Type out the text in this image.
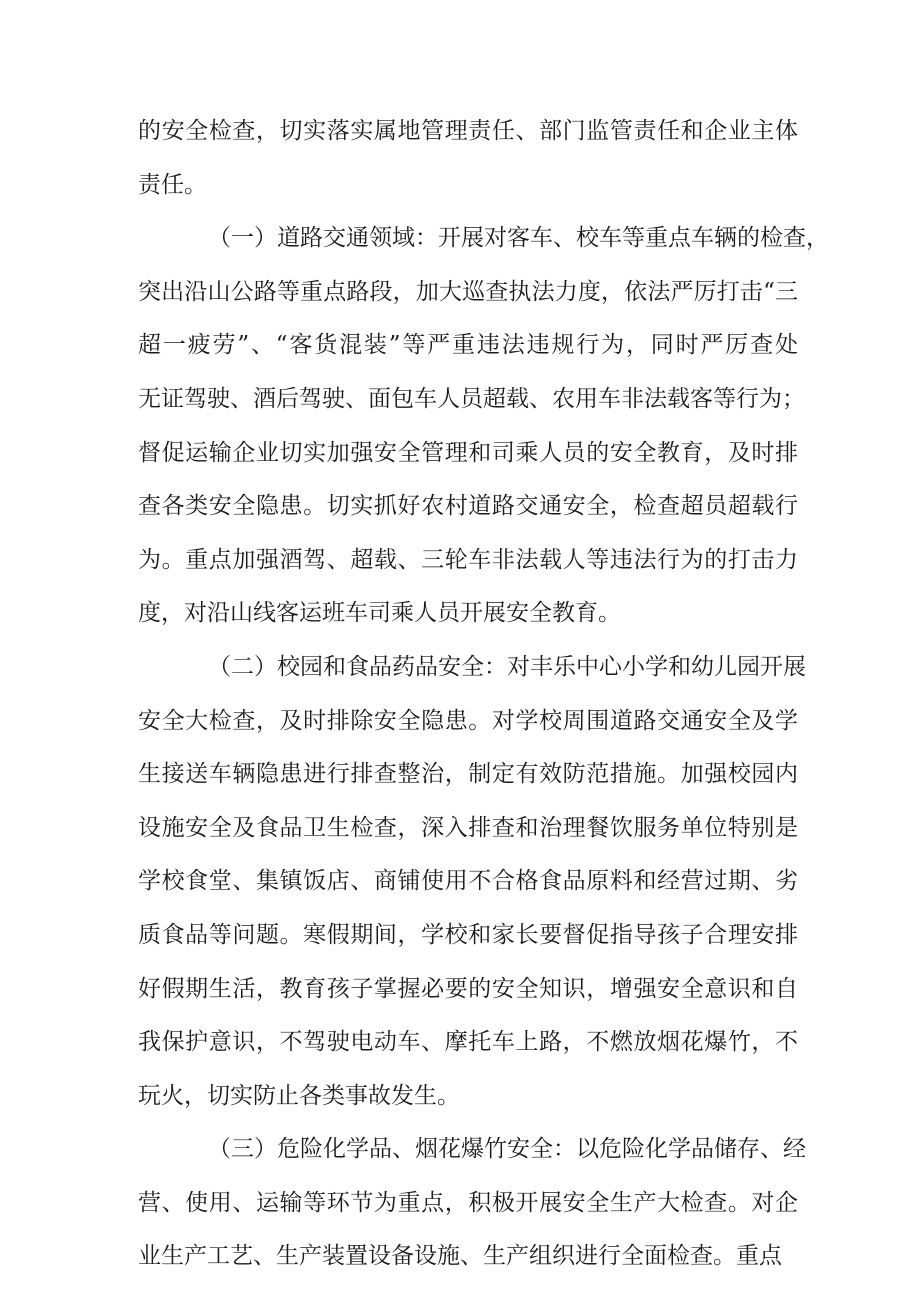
的安全检查，切实落实属地管理责任、部门监管责任和企业主体
责任。
（一）道路交通领域：开展对客车、校车等重点车辆的检查，
突出沿山公路等重点路段，加大巡查执法力度，依法严厉打击“三
超一疲劳”、“客货混装”等严重违法违规行为，同时严厉查处
无证驾驶、酒后驾驶、面包车人员超载、农用车非法载客等行为；
督促运输企业切实加强安全管理和司乘人员的安全教育，及时排
查各类安全隐患。切实抓好农村道路交通安全，检查超员超载行
为。重点加强酒驾、超载、三轮车非法载人等违法行为的打击力
度，对沿山线客运班车司乘人员开展安全教育。
（二）校园和食品药品安全：对丰乐中心小学和幼儿园开展
安全大检查，及时排除安全隐患。对学校周围道路交通安全及学
生接送车辆隐患进行排查整治，制定有效防范措施。加强校园内
设施安全及食品卫生检查，深入排查和治理餐饮服务单位特别是
学校食堂、集镇饭店、商铺使用不合格食品原料和经营过期、劣
质食品等问题。寒假期间，学校和家长要督促指导孩子合理安排
好假期生活，教育孩子掌握必要的安全知识，增强安全意识和自
我保护意识，不驾驶电动车、摩托车上路，不燃放烟花爆竹，不
玩火，切实防止各类事故发生。
（三）危险化学品、烟花爆竹安全：以危险化学品储存、经
营、使用、运输等环节为重点，积极开展安全生产大检查。对企
业生产工艺、生产装置设备设施、生产组织进行全面检查。重点
